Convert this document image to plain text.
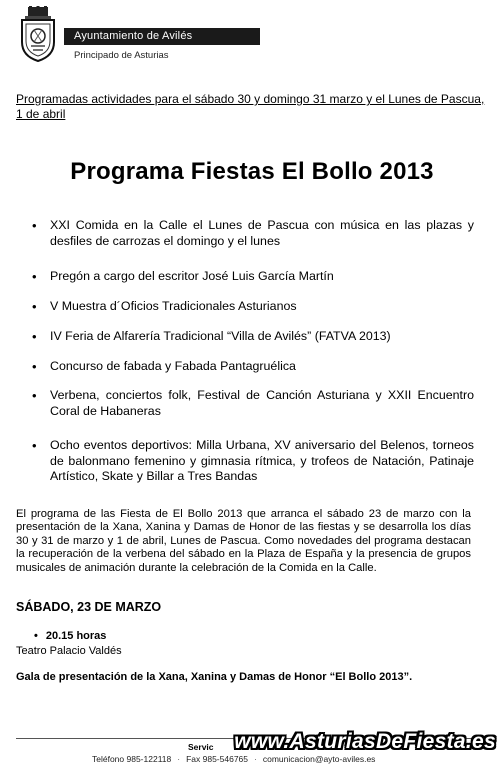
Ayuntamiento de Avilés
Principado de Asturias
Programadas actividades para el sábado 30 y domingo 31 marzo y el Lunes de Pascua, 1 de abril
Programa Fiestas El Bollo 2013
• XXI Comida en la Calle el Lunes de Pascua con música en las plazas y desfiles de carrozas el domingo y el lunes
• Pregón a cargo del escritor José Luis García Martín
• V Muestra d´Oficios Tradicionales Asturianos
• IV Feria de Alfarería Tradicional “Villa de Avilés” (FATVA 2013)
• Concurso de fabada y Fabada Pantagruélica
• Verbena, conciertos folk, Festival de Canción Asturiana y XXII Encuentro Coral de Habaneras
• Ocho eventos deportivos: Milla Urbana, XV aniversario del Belenos, torneos de balonmano femenino y gimnasia rítmica, y trofeos de Natación, Patinaje Artístico, Skate y Billar a Tres Bandas

El programa de las Fiesta de El Bollo 2013 que arranca el sábado 23 de marzo con la presentación de la Xana, Xanina y Damas de Honor de las fiestas y se desarrolla los días 30 y 31 de marzo y 1 de abril, Lunes de Pascua. Como novedades del programa destacan la recuperación de la verbena del sábado en la Plaza de España y la presencia de grupos musicales de animación durante la celebración de la Comida en la Calle.

SÁBADO, 23 DE MARZO
• 20.15 horas
Teatro Palacio Valdés
Gala de presentación de la Xana, Xanina y Damas de Honor “El Bollo 2013”.
Servic
Teléfono 985-122118 · Fax 985-546765 · comunicacion@ayto-aviles.es
www.AsturiasDeFiesta.es
